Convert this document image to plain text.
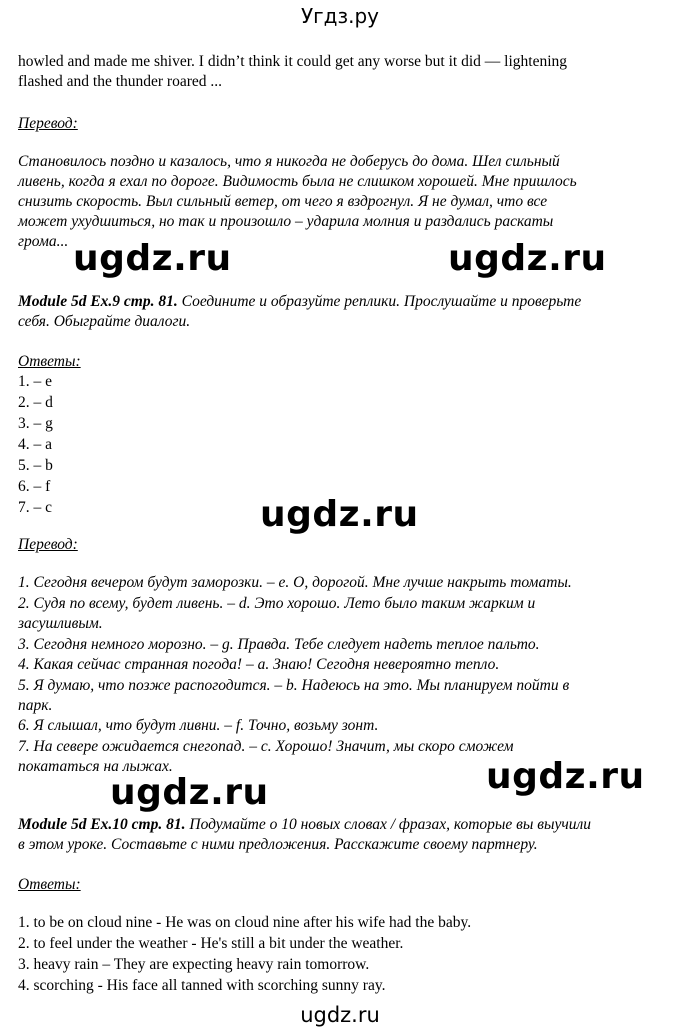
Угдз.ру

howled and made me shiver. I didn’t think it could get any worse but it did — lightening

flashed and the thunder roared ...

Перевод:

Становилось поздно и казалось, что я никогда не доберусь до дома. Шел сильный

ливень, когда я ехал по дороге. Видимость была не слишком хорошей. Мне пришлось

снизить скорость. Выл сильный ветер, от чего я вздрогнул. Я не думал, что все

может ухудшиться, но так и произошло – ударила молния и раздались раскаты

грома...

Module 5d Ex.9 стр. 81. Соедините и образуйте реплики. Прослушайте и проверьте

себя. Обыграйте диалоги.

Ответы:

1. – e

2. – d

3. – g

4. – a

5. – b

6. – f

7. – c

Перевод:

1. Сегодня вечером будут заморозки. – e. О, дорогой. Мне лучше накрыть томаты.

2. Судя по всему, будет ливень. – d. Это хорошо. Лето было таким жарким и

засушливым.

3. Сегодня немного морозно. – g. Правда. Тебе следует надеть теплое пальто.

4. Какая сейчас странная погода! – a. Знаю! Сегодня невероятно тепло.

5. Я думаю, что позже распогодится. – b. Надеюсь на это. Мы планируем пойти в

парк.

6. Я слышал, что будут ливни. – f. Точно, возьму зонт.

7. На севере ожидается снегопад. – c. Хорошо! Значит, мы скоро сможем

покататься на лыжах.

Module 5d Ex.10 стр. 81. Подумайте о 10 новых словах / фразах, которые вы выучили

в этом уроке. Составьте с ними предложения. Расскажите своему партнеру.

Ответы:

1. to be on cloud nine - He was on cloud nine after his wife had the baby.

2. to feel under the weather - He's still a bit under the weather.

3. heavy rain – They are expecting heavy rain tomorrow.

4. scorching - His face all tanned with scorching sunny ray.

ugdz.ru	ugdz.ru
ugdz.ru
ugdz.ru
ugdz.ru
ugdz.ru
